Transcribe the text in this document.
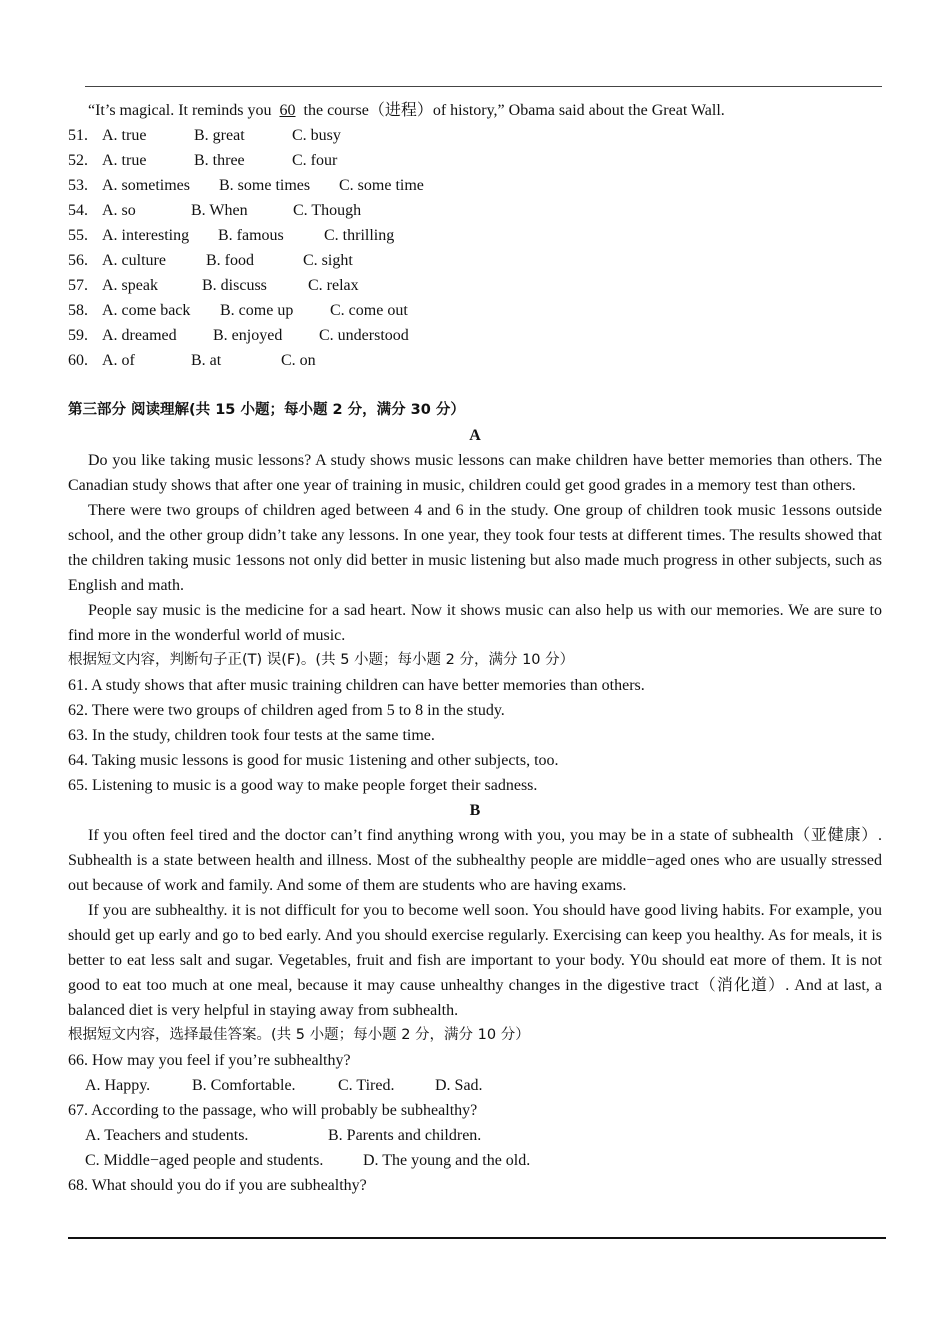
“It’s magical. It reminds you 60 the course（进程）of history,” Obama said about the Great Wall.
51. A. true	B. great	C. busy
52. A. true	B. three	C. four
53. A. sometimes B. some times C. some time
54. A. so	B. When	C. Though
55. A. interesting B. famous	C. thrilling
56. A. culture	B. food	C. sight
57. A. speak	B. discuss	C. relax
58. A. come back B. come up C. come out
59. A. dreamed B. enjoyed C. understood
60. A. of	B. at	C. on
第三部分 阅读理解(共 15 小题；每小题 2 分，满分 30 分）
A
Do you like taking music lessons? A study shows music lessons can make children have better memories than others. The Canadian study shows that after one year of training in music, children could get good grades in a memory test than others.
There were two groups of children aged between 4 and 6 in the study. One group of children took music 1essons outside school, and the other group didn’t take any lessons. In one year, they took four tests at different times. The results showed that the children taking music 1essons not only did better in music listening but also made much progress in other subjects, such as English and math.
People say music is the medicine for a sad heart. Now it shows music can also help us with our memories. We are sure to find more in the wonderful world of music.
根据短文内容，判断句子正(T) 误(F)。(共 5 小题；每小题 2 分，满分 10 分）
61. A study shows that after music training children can have better memories than others.
62. There were two groups of children aged from 5 to 8 in the study.
63. In the study, children took four tests at the same time.
64. Taking music lessons is good for music 1istening and other subjects, too.
65. Listening to music is a good way to make people forget their sadness.
B
If you often feel tired and the doctor can’t find anything wrong with you, you may be in a state of subhealth（亚健康）. Subhealth is a state between health and illness. Most of the subhealthy people are middle−aged ones who are usually stressed out because of work and family. And some of them are students who are having exams.
If you are subhealthy. it is not difficult for you to become well soon. You should have good living habits. For example, you should get up early and go to bed early. And you should exercise regularly. Exercising can keep you healthy. As for meals, it is better to eat less salt and sugar. Vegetables, fruit and fish are important to your body. Y0u should eat more of them. It is not good to eat too much at one meal, because it may cause unhealthy changes in the digestive tract（消化道）. And at last, a balanced diet is very helpful in staying away from subhealth.
根据短文内容，选择最佳答案。(共 5 小题；每小题 2 分，满分 10 分）
66. How may you feel if you’re subhealthy?
A. Happy.	B. Comfortable.	C. Tired.	D. Sad.
67. According to the passage, who will probably be subhealthy?
A. Teachers and students.	B. Parents and children.
C. Middle−aged people and students. D. The young and the old.
68. What should you do if you are subhealthy?
